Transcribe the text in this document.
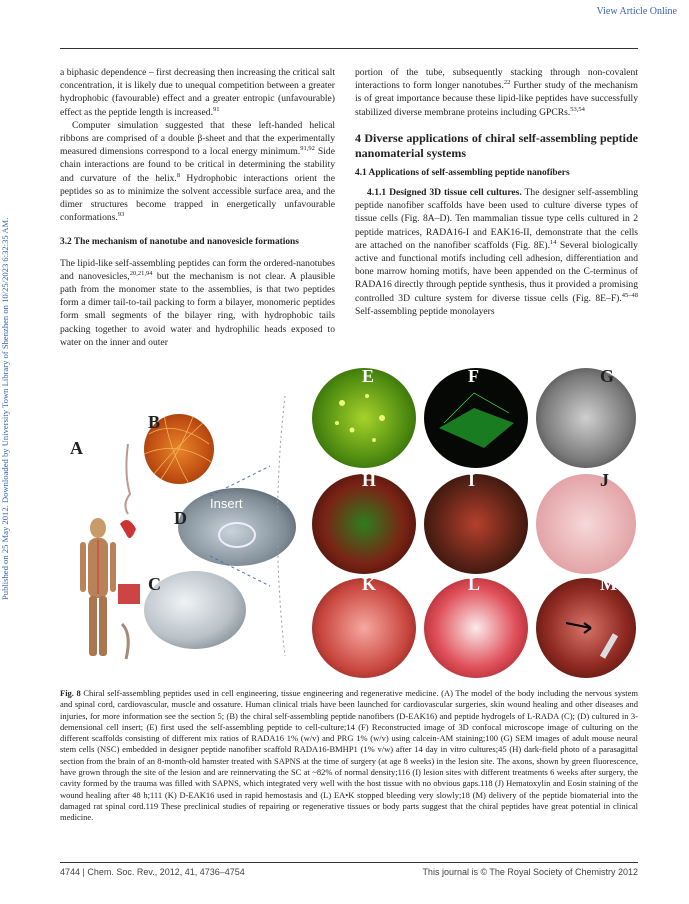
View Article Online
Published on 25 May 2012. Downloaded by University Town Library of Shenzhen on 10/25/2023 6:32:35 AM.

a biphasic dependence – first decreasing then increasing the critical salt concentration, it is likely due to unequal competition between a greater hydrophobic (favourable) effect and a greater entropic (unfavourable) effect as the peptide length is increased.$^{91}$

Computer simulation suggested that these left-handed helical ribbons are comprised of a double β-sheet and that the experimentally measured dimensions correspond to a local energy minimum.$^{91,92}$ Side chain interactions are found to be critical in determining the stability and curvature of the helix.$^8$ Hydrophobic interactions orient the peptides so as to minimize the solvent accessible surface area, and the dimer structures become trapped in energetically unfavourable conformations.$^{93}$

3.2 The mechanism of nanotube and nanovesicle formations

The lipid-like self-assembling peptides can form the ordered-nanotubes and nanovesicles,$^{20,21,94}$ but the mechanism is not clear. A plausible path from the monomer state to the assemblies, is that two peptides form a dimer tail-to-tail packing to form a bilayer, monomeric peptides form small segments of the bilayer ring, with hydrophobic tails packing together to avoid water and hydrophilic heads exposed to water on the inner and outer

portion of the tube, subsequently stacking through non-covalent interactions to form longer nanotubes.$^{22}$ Further study of the mechanism is of great importance because these lipid-like peptides have successfully stabilized diverse membrane proteins including GPCRs.$^{53,54}$

4 Diverse applications of chiral self-assembling peptide nanomaterial systems

4.1 Applications of self-assembling peptide nanofibers

4.1.1 Designed 3D tissue cell cultures. The designer self-assembling peptide nanofiber scaffolds have been used to culture diverse types of tissue cells (Fig. 8A–D). Ten mammalian tissue type cells cultured in 2 peptide matrices, RADA16-I and EAK16-II, demonstrate that the cells are attached on the nanofiber scaffolds (Fig. 8E).$^{14}$ Several biologically active and functional motifs including cell adhesion, differentiation and bone marrow homing motifs, have been appended on the C-terminus of RADA16 directly through peptide synthesis, thus it provided a promising controlled 3D culture system for diverse tissue cells (Fig. 8E–F).$^{45-48}$ Self-assembling peptide monolayers

A
B
Insert
D
C
E	F	G
H	I	J
K	L	M
Fig. 8 Chiral self-assembling peptides used in cell engineering, tissue engineering and regenerative medicine. (A) The model of the body including the nervous system and spinal cord, cardiovascular, muscle and ossature. Human clinical trials have been launched for cardiovascular surgeries, skin wound healing and other diseases and injuries, for more information see the section 5; (B) the chiral self-assembling peptide nanofibers (D-EAK16) and peptide hydrogels of L-RADA (C); (D) cultured in 3-demensional cell insert; (E) first used the self-assembling peptide to cell-culture;14 (F) Reconstructed image of 3D confocal microscope image of culturing on the different scaffolds consisting of different mix ratios of RADA16 1% (w/v) and PRG 1% (w/v) using calcein-AM staining;100 (G) SEM images of adult mouse neural stem cells (NSC) embedded in designer peptide nanofiber scaffold RADA16-BMHP1 (1% v/w) after 14 day in vitro cultures;45 (H) dark-field photo of a parasagittal section from the brain of an 8-month-old hamster treated with SAPNS at the time of surgery (at age 8 weeks) in the lesion site. The axons, shown by green fluorescence, have grown through the site of the lesion and are reinnervating the SC at ~82% of normal density;116 (I) lesion sites with different treatments 6 weeks after surgery, the cavity formed by the trauma was filled with SAPNS, which integrated very well with the host tissue with no obvious gaps.118 (J) Hematoxylin and Eosin staining of the wound healing after 48 h;111 (K) D-EAK16 used in rapid hemostasis and (L) EA•K stopped bleeding very slowly;18 (M) delivery of the peptide biomaterial into the damaged rat spinal cord.119 These preclinical studies of repairing or regenerative tissues or body parts suggest that the chiral peptides have great potential in clinical medicine.
4744 | Chem. Soc. Rev., 2012, 41, 4736–4754	This journal is © The Royal Society of Chemistry 2012
